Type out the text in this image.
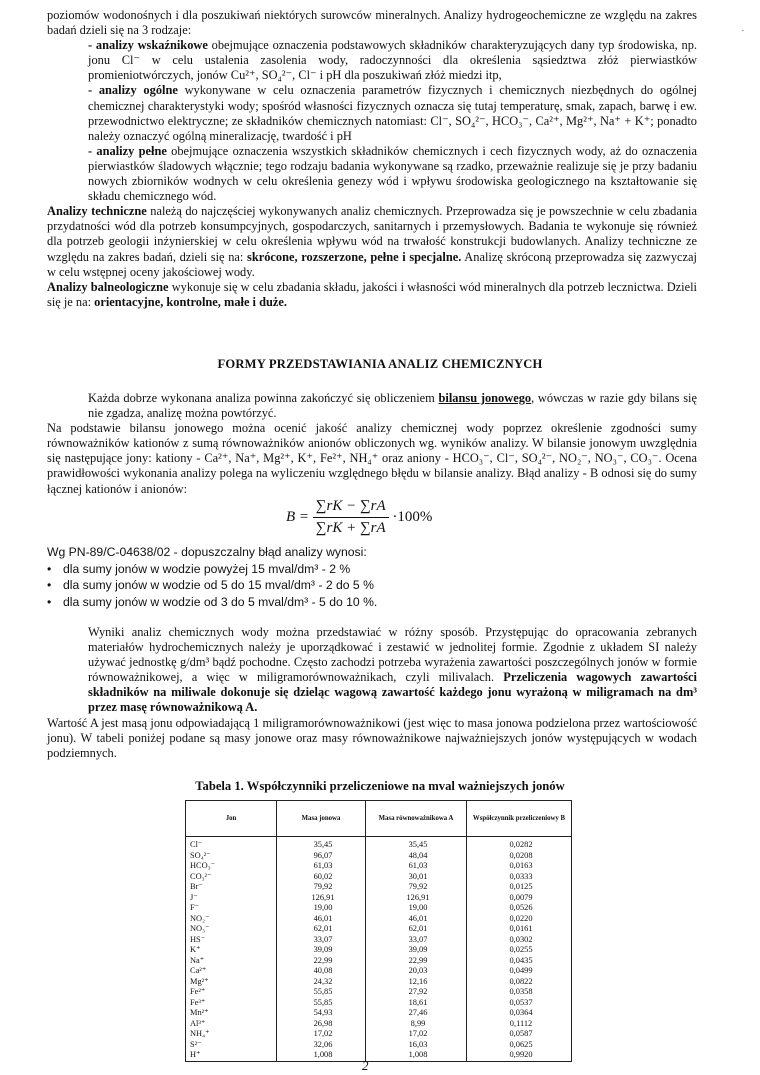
poziomów wodonośnych i dla poszukiwań niektórych surowców mineralnych. Analizy hydrogeochemiczne ze względu na zakres badań dzieli się na 3 rodzaje:
- analizy wskaźnikowe obejmujące oznaczenia podstawowych składników charakteryzujących dany typ środowiska, np. jonu Cl⁻ w celu ustalenia zasolenia wody, radoczynności dla określenia sąsiedztwa złóż pierwiastków promieniotwórczych, jonów Cu²⁺, SO₄²⁻, Cl⁻ i pH dla poszukiwań złóż miedzi itp,
- analizy ogólne wykonywane w celu oznaczenia parametrów fizycznych i chemicznych niezbędnych do ogólnej chemicznej charakterystyki wody; spośród własności fizycznych oznacza się tutaj temperaturę, smak, zapach, barwę i ew. przewodnictwo elektryczne; ze składników chemicznych natomiast: Cl⁻, SO₄²⁻, HCO₃⁻, Ca²⁺, Mg²⁺, Na⁺ + K⁺; ponadto należy oznaczyć ogólną mineralizację, twardość i pH
- analizy pełne obejmujące oznaczenia wszystkich składników chemicznych i cech fizycznych wody, aż do oznaczenia pierwiastków śladowych włącznie; tego rodzaju badania wykonywane są rzadko, przeważnie realizuje się je przy badaniu nowych zbiorników wodnych w celu określenia genezy wód i wpływu środowiska geologicznego na kształtowanie się składu chemicznego wód.
Analizy techniczne należą do najczęściej wykonywanych analiz chemicznych. Przeprowadza się je powszechnie w celu zbadania przydatności wód dla potrzeb konsumpcyjnych, gospodarczych, sanitarnych i przemysłowych. Badania te wykonuje się również dla potrzeb geologii inżynierskiej w celu określenia wpływu wód na trwałość konstrukcji budowlanych. Analizy techniczne ze względu na zakres badań, dzieli się na: skrócone, rozszerzone, pełne i specjalne. Analizę skróconą przeprowadza się zazwyczaj w celu wstępnej oceny jakościowej wody.
Analizy balneologiczne wykonuje się w celu zbadania składu, jakości i własności wód mineralnych dla potrzeb lecznictwa. Dzieli się je na: orientacyjne, kontrolne, małe i duże.
FORMY PRZEDSTAWIANIA ANALIZ CHEMICZNYCH
Każda dobrze wykonana analiza powinna zakończyć się obliczeniem bilansu jonowego, wówczas w razie gdy bilans się nie zgadza, analizę można powtórzyć.
Na podstawie bilansu jonowego można ocenić jakość analizy chemicznej wody poprzez określenie zgodności sumy równoważników kationów z sumą równoważników anionów obliczonych wg. wyników analizy. W bilansie jonowym uwzględnia się następujące jony: kationy - Ca²⁺, Na⁺, Mg²⁺, K⁺, Fe²⁺, NH₄⁺ oraz aniony - HCO₃⁻, Cl⁻, SO₄²⁻, NO₂⁻, NO₃⁻, CO₃⁻. Ocena prawidłowości wykonania analizy polega na wyliczeniu względnego błędu w bilansie analizy. Błąd analizy - B odnosi się do sumy łącznej kationów i anionów:
$B = \frac{\sum rK - \sum rA}{\sum rK + \sum rA} \cdot 100\%$
Wg PN-89/C-04638/02 - dopuszczalny błąd analizy wynosi:
• dla sumy jonów w wodzie powyżej 15 mval/dm³ - 2 %
• dla sumy jonów w wodzie od 5 do 15 mval/dm³ - 2 do 5 %
• dla sumy jonów w wodzie od 3 do 5 mval/dm³ - 5 do 10 %.
Wyniki analiz chemicznych wody można przedstawiać w różny sposób. Przystępując do opracowania zebranych materiałów hydrochemicznych należy je uporządkować i zestawić w jednolitej formie. Zgodnie z układem SI należy używać jednostkę g/dm³ bądź pochodne. Często zachodzi potrzeba wyrażenia zawartości poszczególnych jonów w formie równoważnikowej, a więc w miligramorównoważnikach, czyli milivalach. Przeliczenia wagowych zawartości składników na miliwale dokonuje się dzieląc wagową zawartość każdego jonu wyrażoną w miligramach na dm³ przez masę równoważnikową A.
Wartość A jest masą jonu odpowiadającą 1 miligramorównoważnikowi (jest więc to masa jonowa podzielona przez wartościowość jonu). W tabeli poniżej podane są masy jonowe oraz masy równoważnikowe najważniejszych jonów występujących w wodach podziemnych.
Tabela 1. Współczynniki przeliczeniowe na mval ważniejszych jonów
Jon	Masa jonowa	Masa równoważnikowa A	Współczynnik przeliczeniowy B
Cl⁻	35,45	35,45	0,0282
SO₄²⁻	96,07	48,04	0,0208
HCO₃⁻	61,03	61,03	0,0163
CO₃²⁻	60,02	30,01	0,0333
Br⁻	79,92	79,92	0,0125
J⁻	126,91	126,91	0,0079
F⁻	19,00	19,00	0,0526
NO₂⁻	46,01	46,01	0,0220
NO₃⁻	62,01	62,01	0,0161
HS⁻	33,07	33,07	0,0302
K⁺	39,09	39,09	0,0255
Na⁺	22,99	22,99	0,0435
Ca²⁺	40,08	20,03	0,0499
Mg²⁺	24,32	12,16	0,0822
Fe²⁺	55,85	27,92	0,0358
Fe³⁺	55,85	18,61	0,0537
Mn²⁺	54,93	27,46	0,0364
Al³⁺	26,98	8,99	0,1112
NH₄⁺	17,02	17,02	0,0587
S²⁻	32,06	16,03	0,0625
H⁺	1,008	1,008	0,9920
2
˙
